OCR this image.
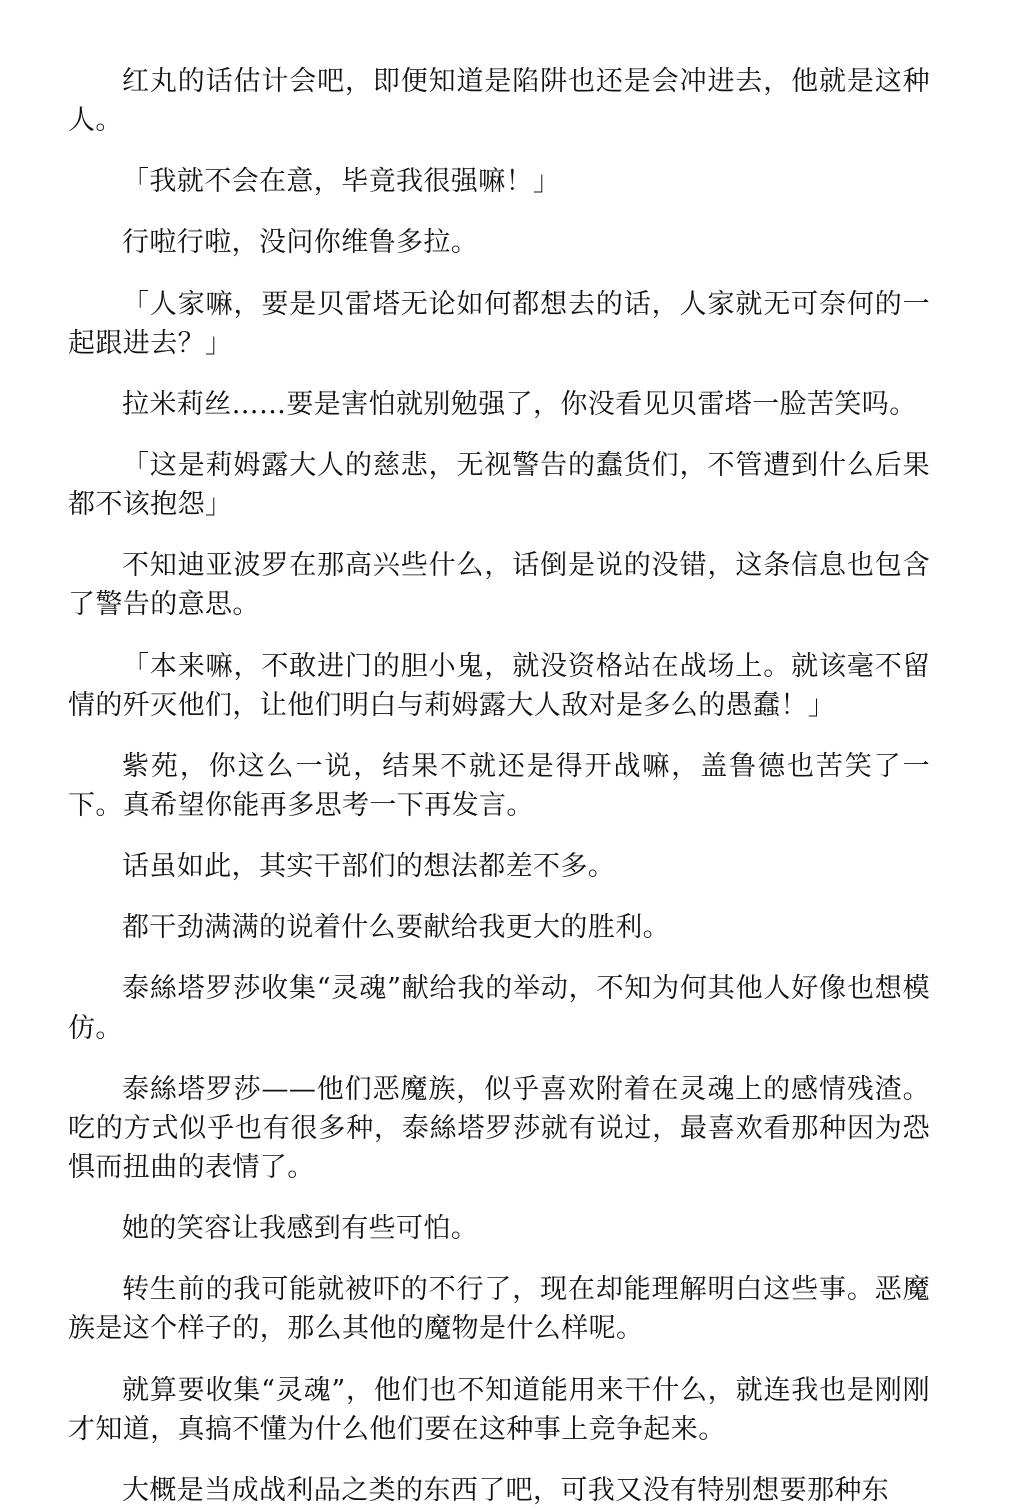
红丸的话估计会吧，即便知道是陷阱也还是会冲进去，他就是这种人。

「我就不会在意，毕竟我很强嘛！」

行啦行啦，没问你维鲁多拉。

「人家嘛，要是贝雷塔无论如何都想去的话，人家就无可奈何的一起跟进去？」

拉米莉丝……要是害怕就别勉强了，你没看见贝雷塔一脸苦笑吗。

「这是莉姆露大人的慈悲，无视警告的蠢货们，不管遭到什么后果都不该抱怨」

不知迪亚波罗在那高兴些什么，话倒是说的没错，这条信息也包含了警告的意思。

「本来嘛，不敢进门的胆小鬼，就没资格站在战场上。就该毫不留情的歼灭他们，让他们明白与莉姆露大人敌对是多么的愚蠢！」

紫苑，你这么一说，结果不就还是得开战嘛，盖鲁德也苦笑了一下。真希望你能再多思考一下再发言。

话虽如此，其实干部们的想法都差不多。

都干劲满满的说着什么要献给我更大的胜利。

泰絲塔罗莎收集“灵魂”献给我的举动，不知为何其他人好像也想模仿。

泰絲塔罗莎——他们恶魔族，似乎喜欢附着在灵魂上的感情残渣。吃的方式似乎也有很多种，泰絲塔罗莎就有说过，最喜欢看那种因为恐惧而扭曲的表情了。

她的笑容让我感到有些可怕。

转生前的我可能就被吓的不行了，现在却能理解明白这些事。恶魔族是这个样子的，那么其他的魔物是什么样呢。

就算要收集“灵魂”，他们也不知道能用来干什么，就连我也是刚刚才知道，真搞不懂为什么他们要在这种事上竞争起来。

大概是当成战利品之类的东西了吧，可我又没有特别想要那种东
